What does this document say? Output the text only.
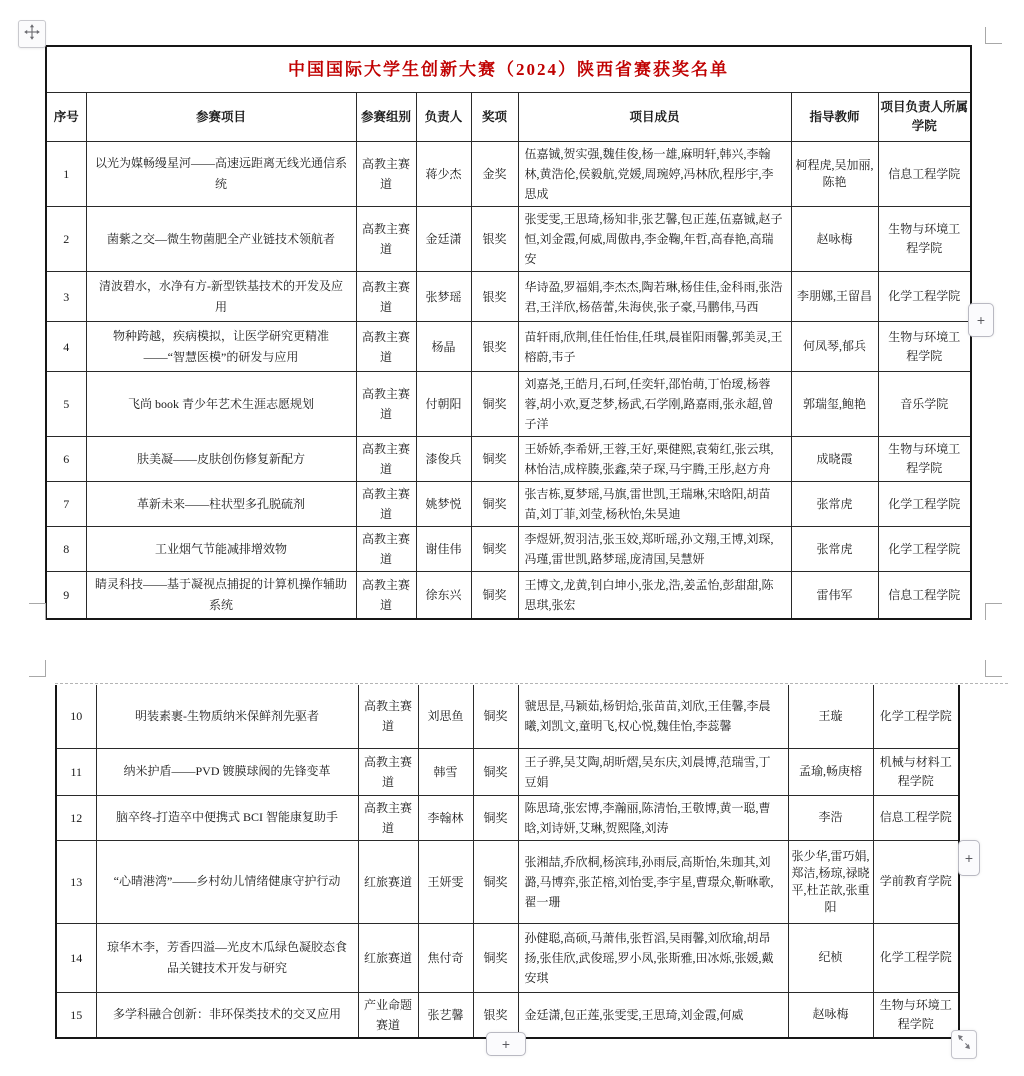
中国国际大学生创新大赛（2024）陕西省赛获奖名单							
序号	参赛项目	参赛组别	负责人	奖项	项目成员	指导教师	项目负责人所属学院
1	以光为媒畅缦星河——高速远距离无线光通信系统	高教主赛道	蒋少杰	金奖	伍嘉铖,贺实强,魏佳俊,杨一雄,麻明轩,韩兴,李翰林,黄浩伦,侯毅航,党媛,周琬婷,冯林欣,程彤宇,李思成	柯程虎,吴加丽,陈艳	信息工程学院
2	菌紫之交—微生物菌肥全产业链技术领航者	高教主赛道	金廷潇	银奖	张雯雯,王思琦,杨知非,张艺馨,包正莲,伍嘉铖,赵子恒,刘金霞,何威,周傲冉,李金鞠,年哲,高春艳,高瑞安	赵咏梅	生物与环境工程学院
3	清波碧水，水净有方-新型铁基技术的开发及应用	高教主赛道	张梦瑶	银奖	华诗盈,罗福娟,李杰杰,陶若琳,杨佳佳,金科雨,张浩君,王洋欣,杨蓓蕾,朱海侠,张子豪,马鹏伟,马西	李朋娜,王留昌	化学工程学院
4	物种跨越，疾病模拟，让医学研究更精准——“智慧医模”的研发与应用	高教主赛道	杨晶	银奖	苗轩雨,欣荆,佳任怡佳,任琪,晨崔阳雨馨,郭美灵,王榕蔚,韦子	何凤琴,郁兵	生物与环境工程学院
5	飞尚 book 青少年艺术生涯志愿规划	高教主赛道	付朝阳	铜奖	刘嘉尧,王皓月,石珂,任奕轩,邵怡萌,丁怡瑷,杨蓉蓉,胡小欢,夏芝梦,杨武,石学刚,路嘉雨,张永超,曾子洋	郭瑞玺,鲍艳	音乐学院
6	肤美凝——皮肤创伤修复新配方	高教主赛道	漆俊兵	铜奖	王娇娇,李希妍,王蓉,王好,栗健熙,袁菊红,张云琪,林怡洁,成梓腠,张鑫,荣子琛,马宇腾,王彤,赵方舟	成晓霞	生物与环境工程学院
7	革新未来——柱状型多孔脱硫剂	高教主赛道	姚梦悦	铜奖	张吉栋,夏梦瑶,马旗,雷世凯,王瑞琳,宋晗阳,胡苗苗,刘丁菲,刘莹,杨秋怡,朱昊迪	张常虎	化学工程学院
8	工业烟气节能减排增效物	高教主赛道	谢佳伟	铜奖	李煜妍,贺羽洁,张玉姣,郑昕瑶,孙文翔,王博,刘琛,冯瑾,雷世凯,路梦瑶,庞清国,吴慧妍	张常虎	化学工程学院
9	睛灵科技——基于凝视点捕捉的计算机操作辅助系统	高教主赛道	徐东兴	铜奖	王博文,龙黄,钊白坤小,张龙,浩,姜孟怡,彭甜甜,陈思琪,张宏	雷伟军	信息工程学院
10	明装素裹-生物质纳米保鲜剂先驱者	高教主赛道	刘思鱼	铜奖	虢思昰,马颖茹,杨钥烚,张苗苗,刘欣,王佳馨,李晨曦,刘凯文,童明飞,权心悦,魏佳怡,李蕊馨	王璇	化学工程学院
11	纳米护盾——PVD 镀膜球阀的先锋变革	高教主赛道	韩雪	铜奖	王子骅,吴艾陶,胡昕熠,吴东庆,刘晨博,范瑞雪,丁豆娟	孟瑜,畅庚榕	机械与材料工程学院
12	脑卒终-打造卒中便携式 BCI 智能康复助手	高教主赛道	李翰林	铜奖	陈思琦,张宏博,李瀚丽,陈清怡,王敬博,黄一聪,曹晗,刘诗妍,艾琳,贺熙隆,刘涛	李浩	信息工程学院
13	“心晴港湾”——乡村幼儿情绪健康守护行动	红旅赛道	王妍雯	铜奖	张湘喆,乔欣桐,杨滨玮,孙雨辰,高斯怡,朱珈其,刘潞,马博弈,张芷榕,刘怡雯,李宇星,曹璟众,靳咻歌,翟一珊	张少华,雷巧娟,郑洁,杨琼,禄晓平,杜芷歆,张重阳	学前教育学院
14	琼华木李，芳香四溢—光皮木瓜绿色凝胶态食品关键技术开发与研究	红旅赛道	焦付奇	铜奖	孙健聪,高硕,马萧伟,张哲滔,吴雨馨,刘欣瑜,胡昂扬,张佳欣,武俊瑶,罗小凤,张斯雅,田冰烁,张媛,戴安琪	纪桢	化学工程学院
15	多学科融合创新：非环保类技术的交叉应用	产业命题赛道	张艺馨	银奖	金廷潇,包正莲,张雯雯,王思琦,刘金霞,何威	赵咏梅	生物与环境工程学院
+
+
+
